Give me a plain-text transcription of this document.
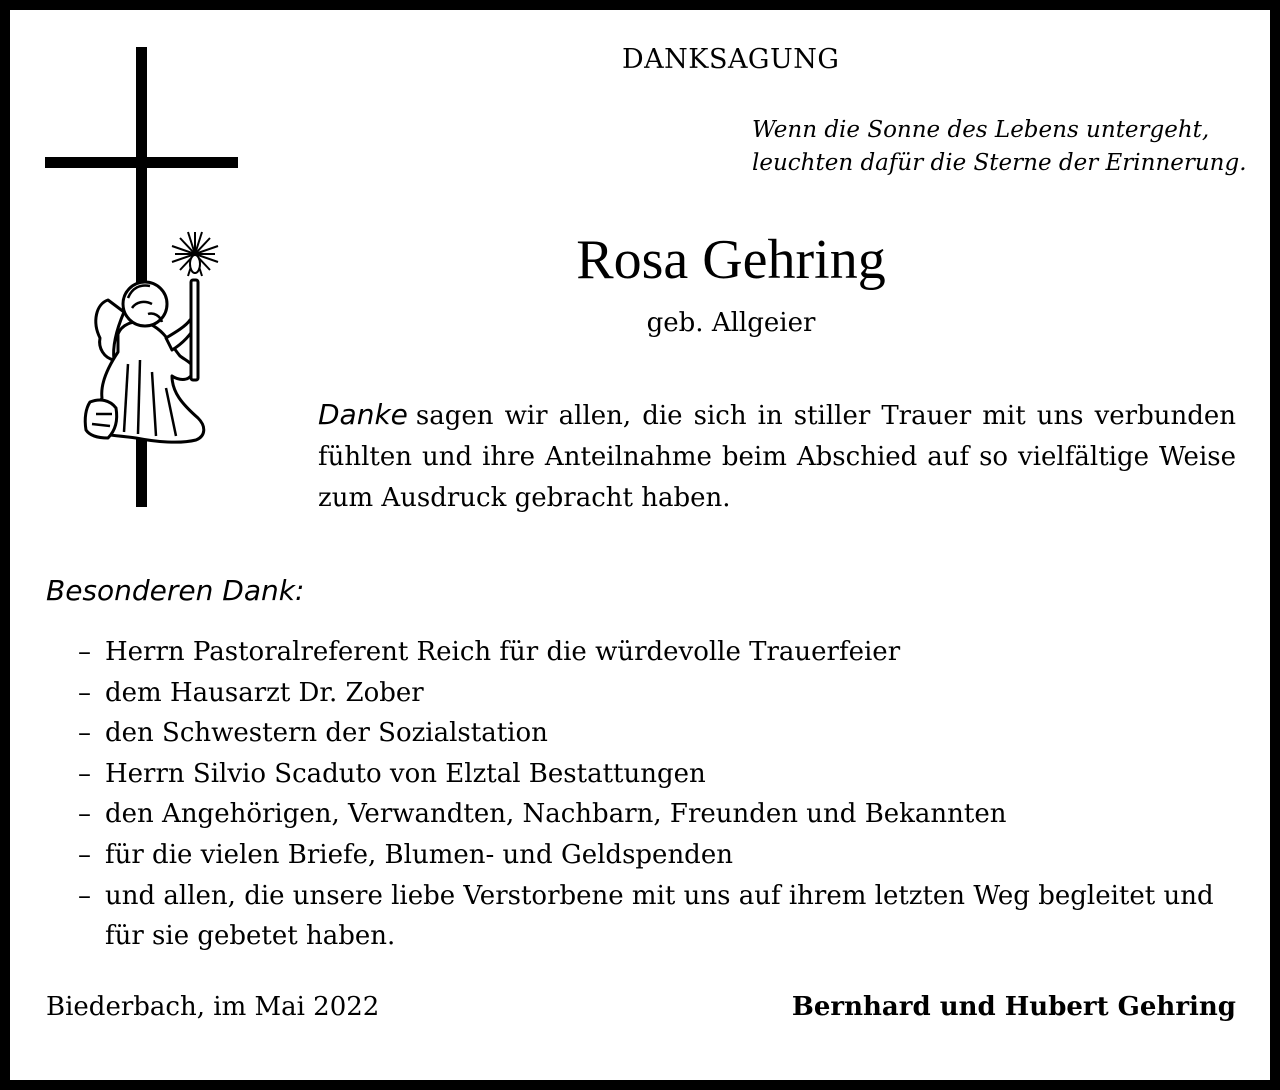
DANKSAGUNG
Wenn die Sonne des Lebens untergeht,
leuchten dafür die Sterne der Erinnerung.
Rosa Gehring
geb. Allgeier
Danke sagen wir allen, die sich in stiller Trauer mit uns verbunden fühlten und ihre Anteilnahme beim Abschied auf so vielfältige Weise zum Ausdruck gebracht haben.
Besonderen Dank:
– Herrn Pastoralreferent Reich für die würdevolle Trauerfeier
– dem Hausarzt Dr. Zober
– den Schwestern der Sozialstation
– Herrn Silvio Scaduto von Elztal Bestattungen
– den Angehörigen, Verwandten, Nachbarn, Freunden und Bekannten
– für die vielen Briefe, Blumen- und Geldspenden
– und allen, die unsere liebe Verstorbene mit uns auf ihrem letzten Weg begleitet und für sie gebetet haben.
Biederbach, im Mai 2022	Bernhard und Hubert Gehring
